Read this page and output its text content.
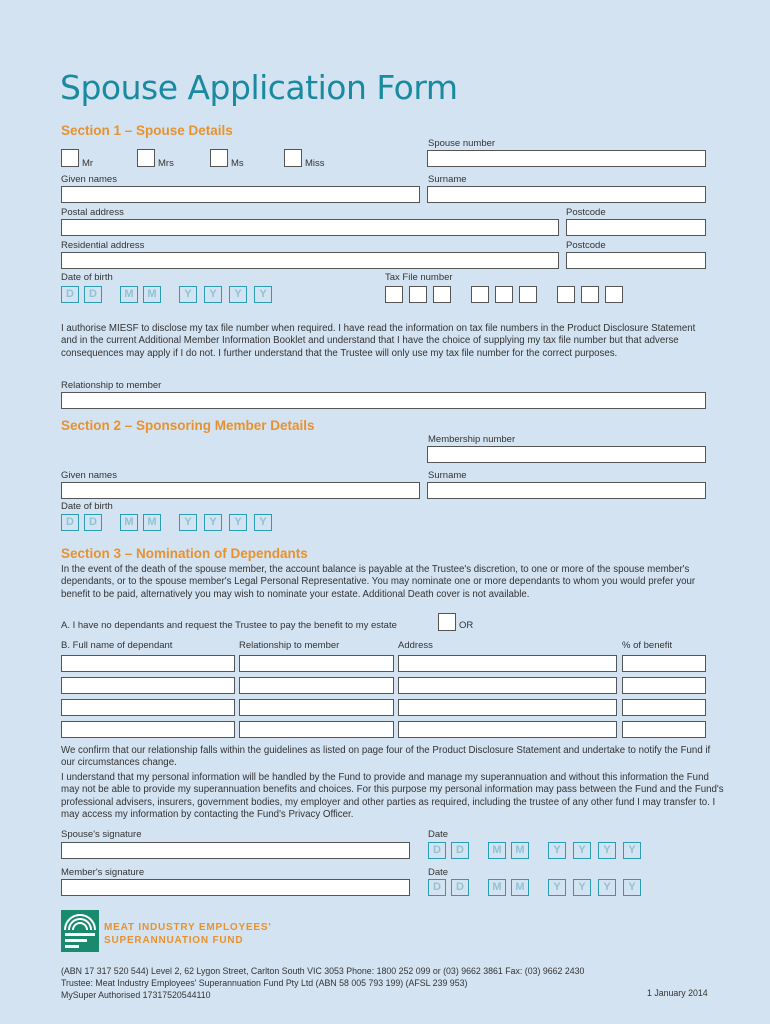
Spouse Application Form
Section 1 – Spouse Details
Mr	Mrs	Ms	Miss
Spouse number
Given names	Surname
Postal address	Postcode
Residential address	Postcode
Date of birth
D	D	M	M	Y	Y	Y	Y
Tax File number
I authorise MIESF to disclose my tax file number when required. I have read the information on tax file numbers in the Product Disclosure Statement and in the current Additional Member Information Booklet and understand that I have the choice of supplying my tax file number but that adverse consequences may apply if I do not. I further understand that the Trustee will only use my tax file number for the correct purposes.
Relationship to member
Section 2 – Sponsoring Member Details
Membership number
Given names	Surname
Date of birth
D	D	M	M	Y	Y	Y	Y
Section 3 – Nomination of Dependants
In the event of the death of the spouse member, the account balance is payable at the Trustee's discretion, to one or more of the spouse member's dependants, or to the spouse member's Legal Personal Representative. You may nominate one or more dependants to whom you would prefer your benefit to be paid, alternatively you may wish to nominate your estate. Additional Death cover is not available.
A. I have no dependants and request the Trustee to pay the benefit to my estate	OR
B. Full name of dependant	Relationship to member	Address	% of benefit
We confirm that our relationship falls within the guidelines as listed on page four of the Product Disclosure Statement and undertake to notify the Fund if our circumstances change.
I understand that my personal information will be handled by the Fund to provide and manage my superannuation and without this information the Fund may not be able to provide my superannuation benefits and choices. For this purpose my personal information may pass between the Fund and the Fund's professional advisers, insurers, government bodies, my employer and other parties as required, including the trustee of any other fund I may transfer to. I may access my information by contacting the Fund's Privacy Officer.
Spouse's signature	Date
D	D	M	M	Y	Y	Y	Y
Member's signature	Date
D	D	M	M	Y	Y	Y	Y
MEAT INDUSTRY EMPLOYEES'
SUPERANNUATION FUND
(ABN 17 317 520 544) Level 2, 62 Lygon Street, Carlton South VIC 3053 Phone: 1800 252 099 or (03) 9662 3861 Fax: (03) 9662 2430
Trustee: Meat Industry Employees' Superannuation Fund Pty Ltd (ABN 58 005 793 199) (AFSL 239 953)
MySuper Authorised 17317520544110	1 January 2014
